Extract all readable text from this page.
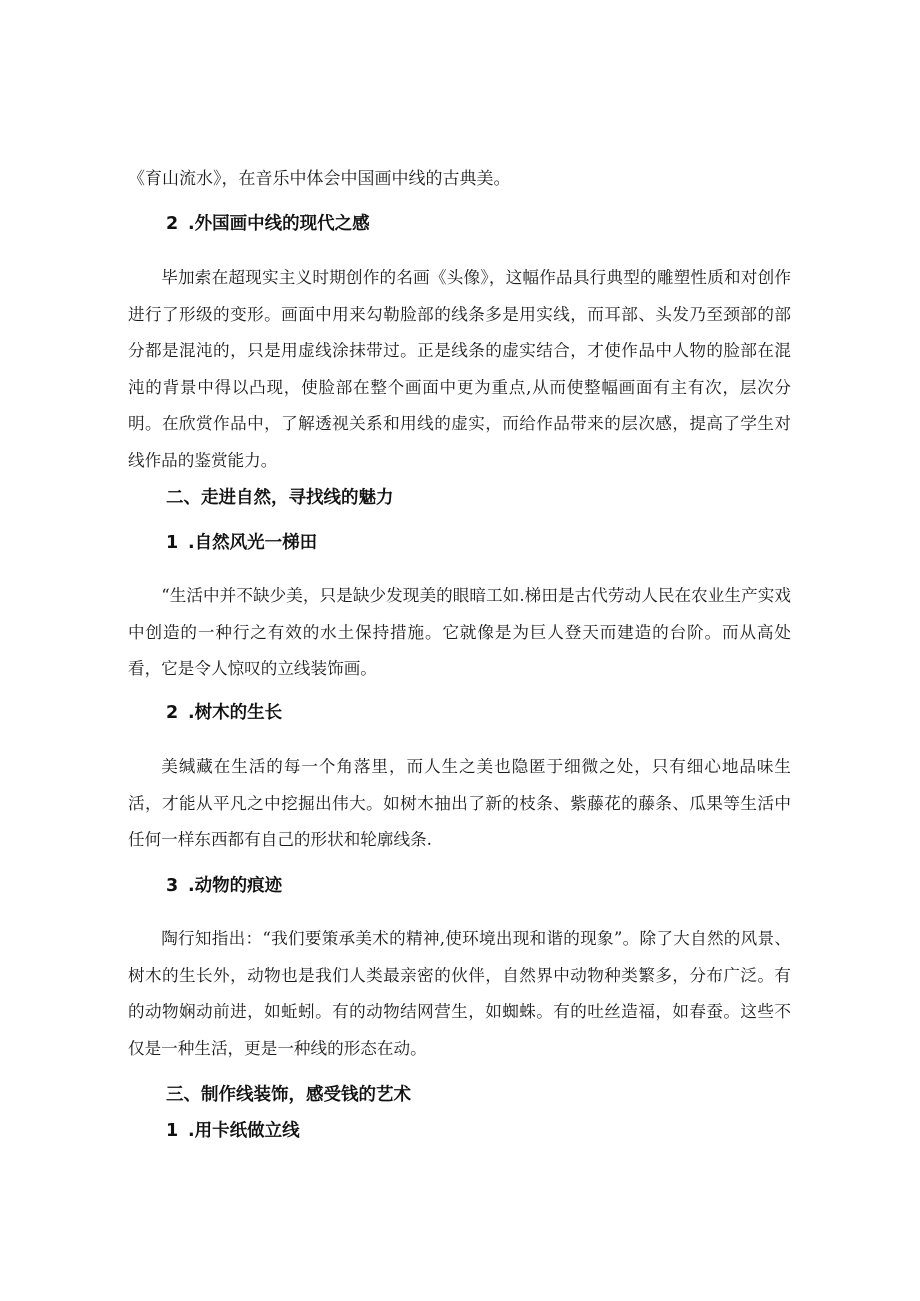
《育山流水》，在音乐中体会中国画中线的古典美。

2 .外国画中线的现代之感

毕加索在超现实主义时期创作的名画《头像》，这幅作品具行典型的雕塑性质和对创作进行了形级的变形。画面中用来勾勒脸部的线条多是用实线，而耳部、头发乃至颈部的部分都是混沌的，只是用虚线涂抹带过。正是线条的虚实结合，才使作品中人物的脸部在混沌的背景中得以凸现，使脸部在整个画面中更为重点,从而使整幅画面有主有次，层次分明。在欣赏作品中，了解透视关系和用线的虚实，而给作品带来的层次感，提高了学生对线作品的鉴赏能力。

二、走进自然，寻找线的魅力
1 .自然风光一梯田

“生活中并不缺少美，只是缺少发现美的眼暗工如.梯田是古代劳动人民在农业生产实戏中创造的一种行之有效的水土保持措施。它就像是为巨人登天而建造的台阶。而从高处看，它是令人惊叹的立线装饰画。

2 .树木的生长

美缄藏在生活的每一个角落里，而人生之美也隐匿于细微之处，只有细心地品味生活，才能从平凡之中挖掘出伟大。如树木抽出了新的枝条、紫藤花的藤条、瓜果等生活中任何一样东西都有自己的形状和轮廓线条.

3 .动物的痕迹

陶行知指出：“我们要策承美术的精神,使环境出现和谐的现象”。除了大自然的风景、树木的生长外，动物也是我们人类最亲密的伙伴，自然界中动物种类繁多，分布广泛。有的动物娴动前进，如蚯蚓。有的动物结网营生，如蜘蛛。有的吐丝造福，如春蚕。这些不仅是一种生活，更是一种线的形态在动。

三、制作线装饰，感受钱的艺术
1 .用卡纸做立线
